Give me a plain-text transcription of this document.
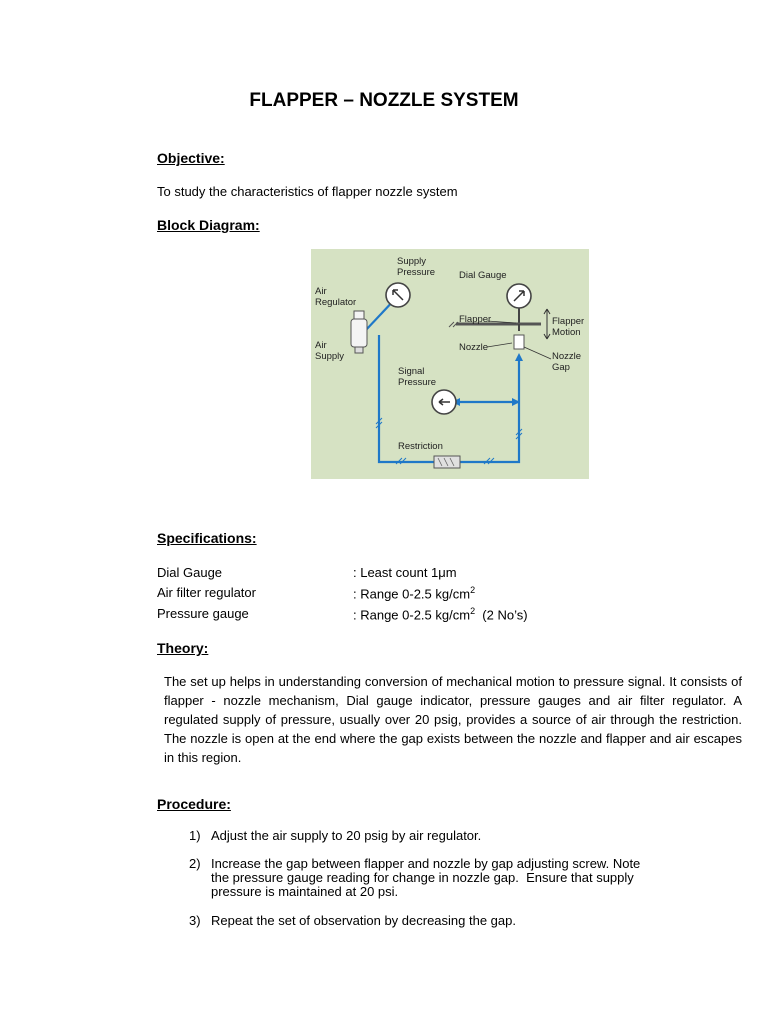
FLAPPER – NOZZLE SYSTEM
Objective:
To study the characteristics of flapper nozzle system
Block Diagram:
Supply
Pressure	Dial Gauge
Air
Regulator
Air
Supply
Flapper	Flapper
Motion
Nozzle
Nozzle
Gap
Signal
Pressure
Restriction
Specifications:
Dial Gauge	: Least count 1μm
Air filter regulator	: Range 0-2.5 $kg/cm^2$
Pressure gauge	: Range 0-2.5 $kg/cm^2$  (2 No’s)
Theory:
The set up helps in understanding conversion of mechanical motion to pressure signal. It consists of flapper - nozzle mechanism, Dial gauge indicator, pressure gauges and air filter regulator. A regulated supply of pressure, usually over 20 psig, provides a source of air through the restriction. The nozzle is open at the end where the gap exists between the nozzle and flapper and air escapes in this region.
Procedure:
1) Adjust the air supply to 20 psig by air regulator.
2) Increase the gap between flapper and nozzle by gap adjusting screw. Note
the pressure gauge reading for change in nozzle gap.  Ensure that supply
pressure is maintained at 20 psi.
3) Repeat the set of observation by decreasing the gap.
